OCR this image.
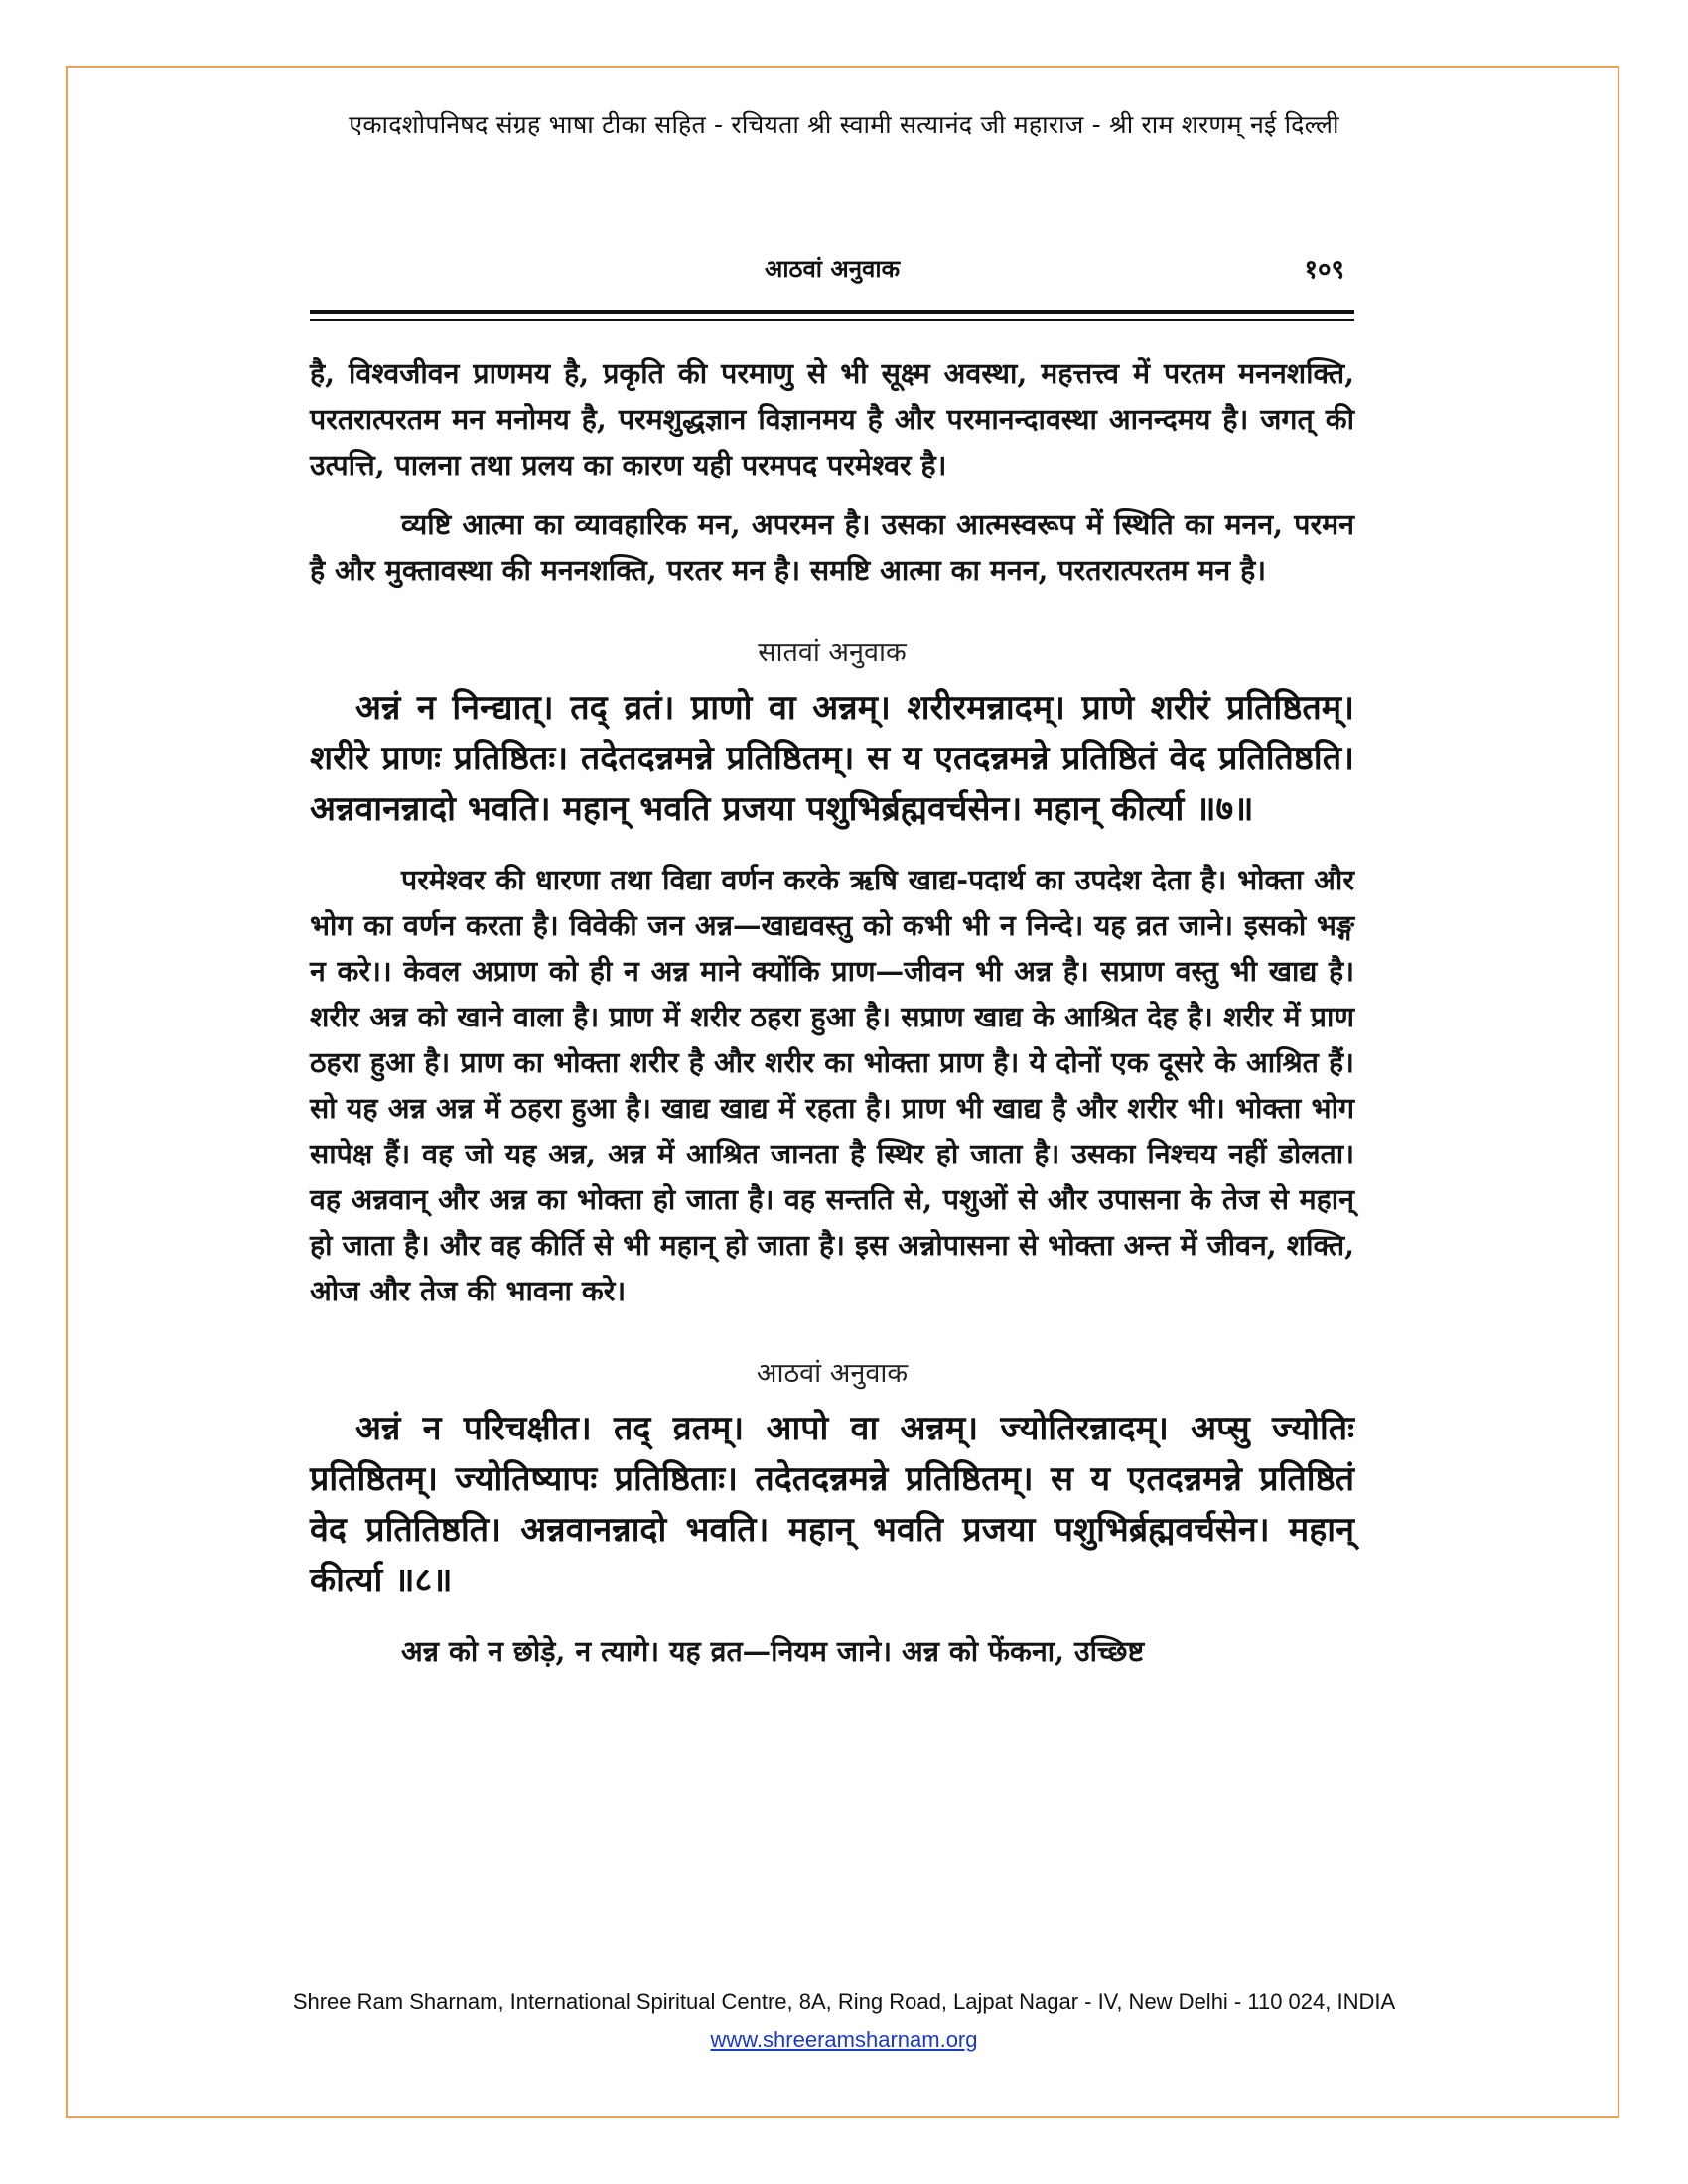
एकादशोपनिषद संग्रह भाषा टीका सहित - रचियता श्री स्वामी सत्यानंद जी महाराज - श्री राम शरणम् नई दिल्ली
आठवां अनुवाक	१०९

है, विश्वजीवन प्राणमय है, प्रकृति की परमाणु से भी सूक्ष्म अवस्था, महत्तत्त्व में परतम मननशक्ति, परतरात्परतम मन मनोमय है, परमशुद्धज्ञान विज्ञानमय है और परमानन्दावस्था आनन्दमय है। जगत् की उत्पत्ति, पालना तथा प्रलय का कारण यही परमपद परमेश्वर है।

व्यष्टि आत्मा का व्यावहारिक मन, अपरमन है। उसका आत्मस्वरूप में स्थिति का मनन, परमन है और मुक्तावस्था की मननशक्ति, परतर मन है। समष्टि आत्मा का मनन, परतरात्परतम मन है।

सातवां अनुवाक

अन्नं न निन्द्यात्। तद् व्रतं। प्राणो वा अन्नम्। शरीरमन्नादम्। प्राणे शरीरं प्रतिष्ठितम्। शरीरे प्राणः प्रतिष्ठितः। तदेतदन्नमन्ने प्रतिष्ठितम्। स य एतदन्नमन्ने प्रतिष्ठितं वेद प्रतितिष्ठति। अन्नवानन्नादो भवति। महान् भवति प्रजया पशुभिर्ब्रह्मवर्चसेन। महान् कीर्त्या ॥७॥

परमेश्वर की धारणा तथा विद्या वर्णन करके ऋषि खाद्य-पदार्थ का उपदेश देता है। भोक्ता और भोग का वर्णन करता है। विवेकी जन अन्न—खाद्यवस्तु को कभी भी न निन्दे। यह व्रत जाने। इसको भङ्ग न करे।। केवल अप्राण को ही न अन्न माने क्योंकि प्राण—जीवन भी अन्न है। सप्राण वस्तु भी खाद्य है। शरीर अन्न को खाने वाला है। प्राण में शरीर ठहरा हुआ है। सप्राण खाद्य के आश्रित देह है। शरीर में प्राण ठहरा हुआ है। प्राण का भोक्ता शरीर है और शरीर का भोक्ता प्राण है। ये दोनों एक दूसरे के आश्रित हैं। सो यह अन्न अन्न में ठहरा हुआ है। खाद्य खाद्य में रहता है। प्राण भी खाद्य है और शरीर भी। भोक्ता भोग सापेक्ष हैं। वह जो यह अन्न, अन्न में आश्रित जानता है स्थिर हो जाता है। उसका निश्चय नहीं डोलता। वह अन्नवान् और अन्न का भोक्ता हो जाता है। वह सन्तति से, पशुओं से और उपासना के तेज से महान् हो जाता है। और वह कीर्ति से भी महान् हो जाता है। इस अन्नोपासना से भोक्ता अन्त में जीवन, शक्ति, ओज और तेज की भावना करे।

आठवां अनुवाक

अन्नं न परिचक्षीत। तद् व्रतम्। आपो वा अन्नम्। ज्योतिरन्नादम्। अप्सु ज्योतिः प्रतिष्ठितम्। ज्योतिष्यापः प्रतिष्ठिताः। तदेतदन्नमन्ने प्रतिष्ठितम्। स य एतदन्नमन्ने प्रतिष्ठितं वेद प्रतितिष्ठति। अन्नवानन्नादो भवति। महान् भवति प्रजया पशुभिर्ब्रह्मवर्चसेन। महान् कीर्त्या ॥८॥

अन्न को न छोड़े, न त्यागे। यह व्रत—नियम जाने। अन्न को फेंकना, उच्छिष्ट

Shree Ram Sharnam, International Spiritual Centre, 8A, Ring Road, Lajpat Nagar - IV, New Delhi - 110 024, INDIA
www.shreeramsharnam.org
